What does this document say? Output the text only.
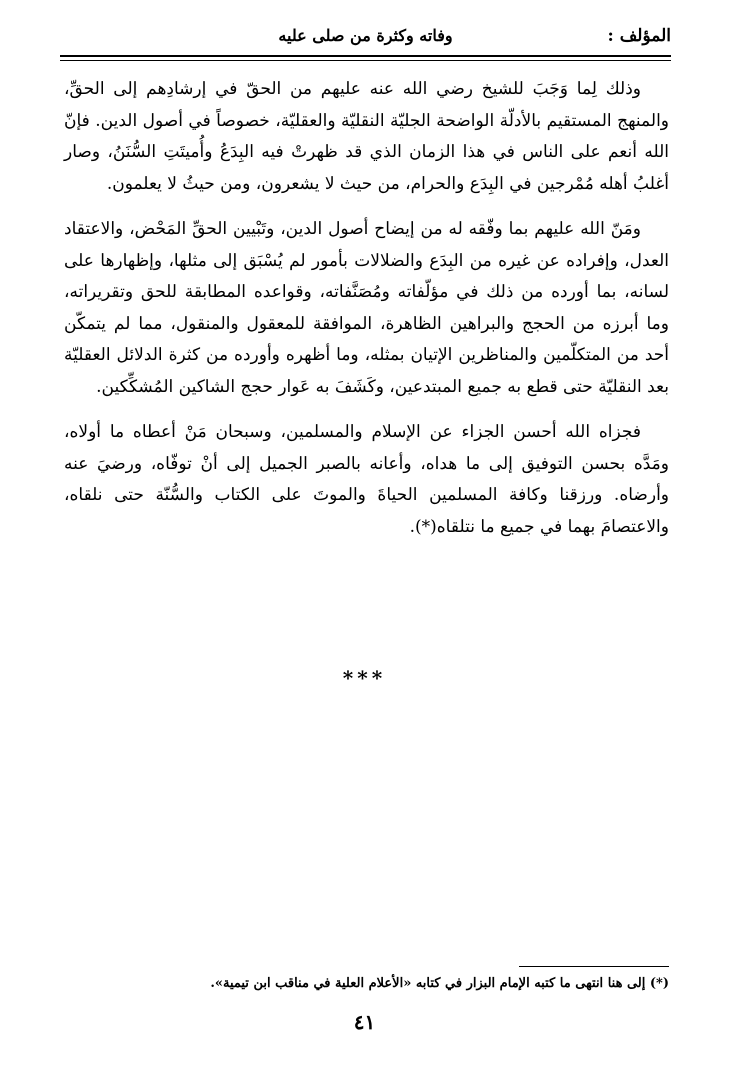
المؤلف :
وفاته وكثرة من صلى عليه

وذلك لِما وَجَبَ للشيخ رضي الله عنه عليهم من الحقّ في إرشادِهم إلى الحقِّ، والمنهج المستقيم بالأدلّة الواضحة الجليّة النقليّة والعقليّة، خصوصاً في أصول الدين. فإنّ الله أنعم على الناس في هذا الزمان الذي قد ظهرتْ فيه البِدَعُ وأُميتَتِ السُّنَنُ، وصار أغلبُ أهله مُمْرجين في البِدَع والحرام، من حيث لا يشعرون، ومن حيثُ لا يعلمون.

ومَنّ الله عليهم بما وفّقه له من إيضاح أصول الدين، وتَبْيين الحقِّ المَحْض، والاعتقاد العدل، وإفراده عن غيره من البِدَع والضلالات بأمور لم يُسْبَق إلى مثلها، وإظهارها على لسانه، بما أورده من ذلك في مؤلّفاته ومُصَنَّفاته، وقواعده المطابقة للحق وتقريراته، وما أبرزه من الحجج والبراهين الظاهرة، الموافقة للمعقول والمنقول، مما لم يتمكّن أحد من المتكلّمين والمناظرين الإتيان بمثله، وما أظهره وأورده من كثرة الدلائل العقليّة بعد النقليّة حتى قطع به جميع المبتدعين، وكَشَفَ به عَوار حجج الشاكين المُشكِّكين.

فجزاه الله أحسن الجزاء عن الإسلام والمسلمين، وسبحان مَنْ أعطاه ما أولاه، ومَدَّه بحسن التوفيق إلى ما هداه، وأعانه بالصبر الجميل إلى أنْ توفّاه، ورضيَ عنه وأرضاه. ورزقنا وكافة المسلمين الحياةَ والموتَ على الكتاب والسُّنّة حتى نلقاه، والاعتصامَ بهما في جميع ما نتلقاه(*).

***
(*) إلى هنا انتهى ما كتبه الإمام البزار في كتابه «الأعلام العلية في مناقب ابن تيمية».
٤١
